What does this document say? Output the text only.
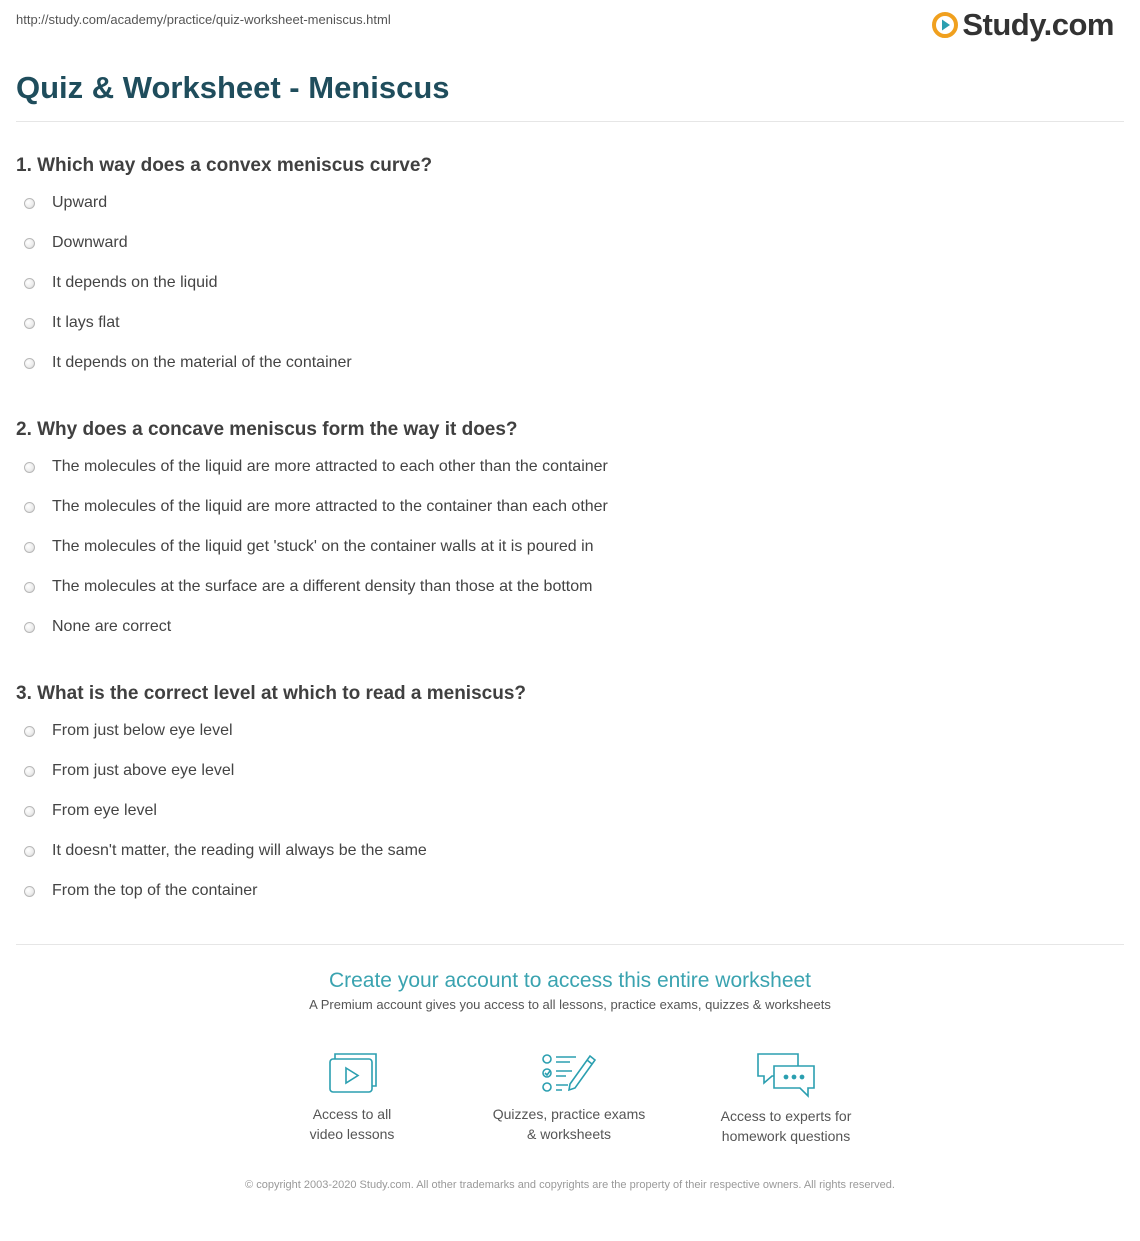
http://study.com/academy/practice/quiz-worksheet-meniscus.html	Study.com
Quiz & Worksheet - Meniscus
1. Which way does a convex meniscus curve?
Upward
Downward
It depends on the liquid
It lays flat
It depends on the material of the container
2. Why does a concave meniscus form the way it does?
The molecules of the liquid are more attracted to each other than the container
The molecules of the liquid are more attracted to the container than each other
The molecules of the liquid get 'stuck' on the container walls at it is poured in
The molecules at the surface are a different density than those at the bottom
None are correct
3. What is the correct level at which to read a meniscus?
From just below eye level
From just above eye level
From eye level
It doesn't matter, the reading will always be the same
From the top of the container
Create your account to access this entire worksheet
A Premium account gives you access to all lessons, practice exams, quizzes & worksheets
Access to all
video lessons
Quizzes, practice exams
& worksheets
Access to experts for
homework questions
© copyright 2003-2020 Study.com. All other trademarks and copyrights are the property of their respective owners. All rights reserved.
